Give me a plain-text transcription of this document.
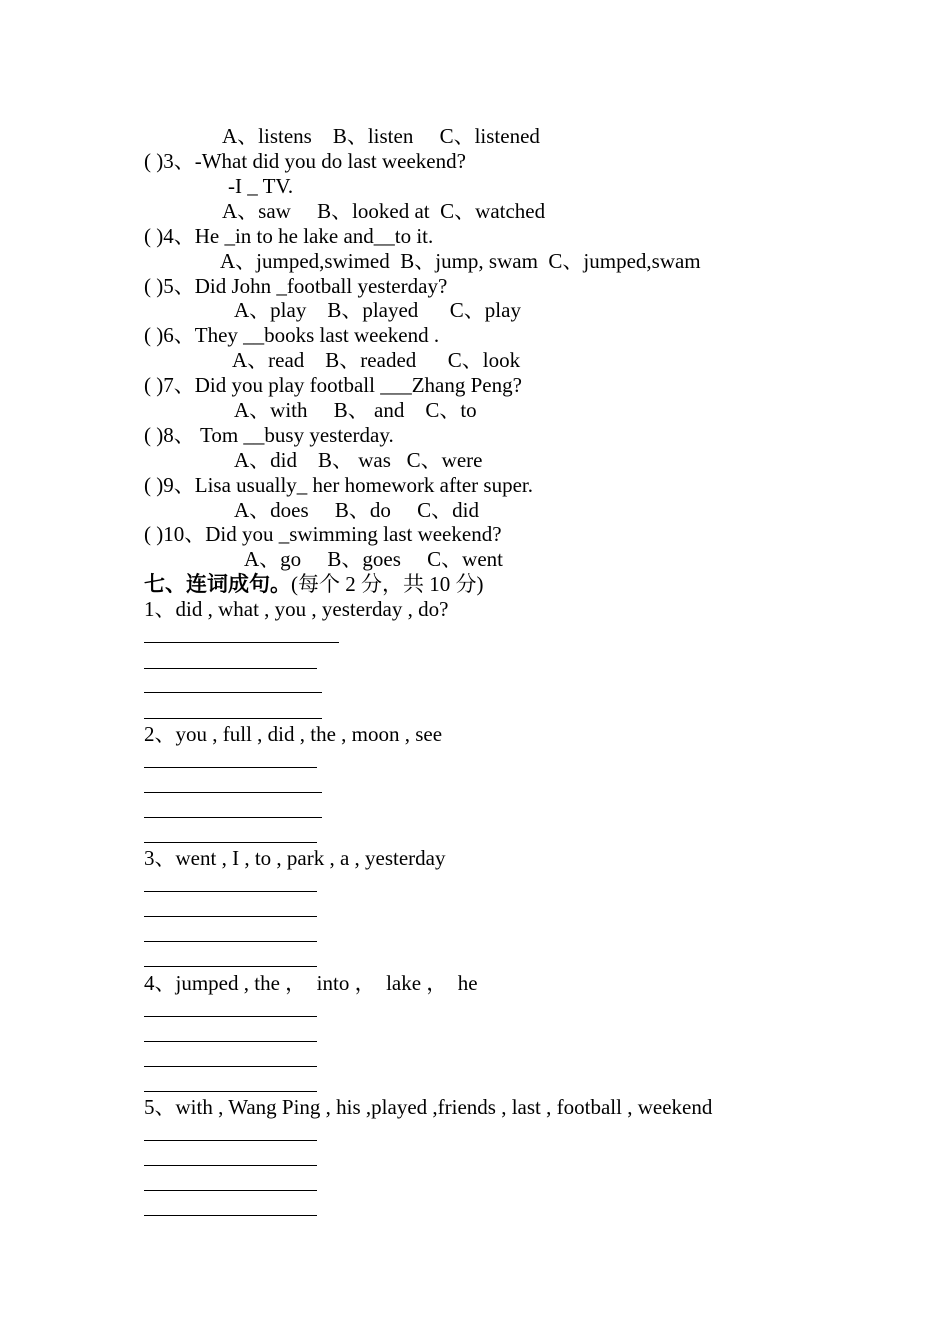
A、listens    B、listen     C、listened
( )3、-What did you do last weekend?
-I _ TV.
A、saw     B、looked at  C、watched
( )4、He _in to he lake and__to it.
A、jumped,swimed  B、jump, swam  C、jumped,swam
( )5、Did John _football yesterday?
A、play    B、played      C、play
( )6、They __books last weekend .
A、read    B、readed      C、look
( )7、Did you play football ___Zhang Peng?
A、with     B、 and    C、to
( )8、 Tom __busy yesterday.
A、did    B、 was   C、were
( )9、Lisa usually_ her homework after super.
A、does     B、do     C、did
( )10、Did you _swimming last weekend?
A、go     B、goes     C、went
七、连词成句。(每个 2 分，共 10 分)
1、did , what , you , yesterday , do?
2、you , full , did , the , moon , see
3、went , I , to , park , a , yesterday
4、jumped , the ，  into ，  lake ，  he
5、with , Wang Ping , his ,played ,friends , last , football , weekend
